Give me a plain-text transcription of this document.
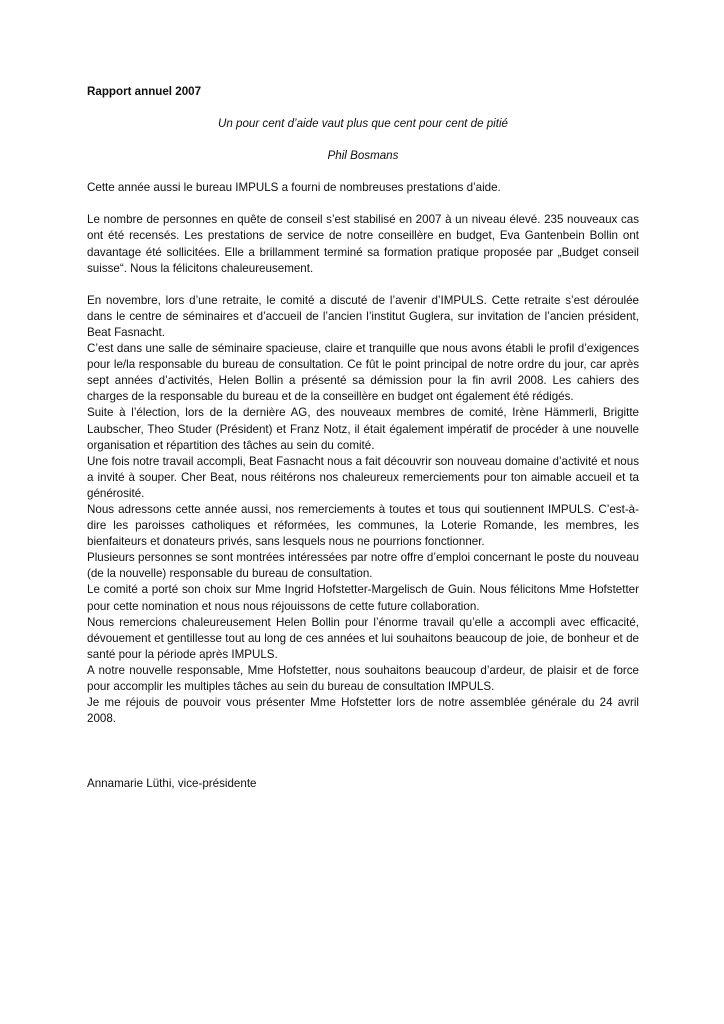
Rapport annuel 2007

Un pour cent d’aide vaut plus que cent pour cent de pitié

Phil Bosmans

Cette année aussi le bureau IMPULS a fourni de nombreuses prestations d’aide.

Le nombre de personnes en quête de conseil s’est stabilisé en 2007 à un niveau élevé. 235 nouveaux cas ont été recensés. Les prestations de service de notre conseillère en budget, Eva Gantenbein Bollin ont davantage été sollicitées. Elle a brillamment terminé sa formation pratique proposée par „Budget conseil suisse“. Nous la félicitons chaleureusement.

En novembre, lors d’une retraite, le comité a discuté de l’avenir d’IMPULS. Cette retraite s’est déroulée dans le centre de séminaires et d’accueil de l’ancien l’institut Guglera, sur invitation de l’ancien président, Beat Fasnacht.

C’est dans une salle de séminaire spacieuse, claire et tranquille que nous avons établi le profil d’exigences pour le/la responsable du bureau de consultation. Ce fût le point principal de notre ordre du jour, car après sept années d’activités, Helen Bollin a présenté sa démission pour la fin avril 2008. Les cahiers des charges de la responsable du bureau et de la conseillère en budget ont également été rédigés.

Suite à l’élection, lors de la dernière AG, des nouveaux membres de comité, Irène Hämmerli, Brigitte Laubscher, Theo Studer (Président) et Franz Notz, il était également impératif de procéder à une nouvelle organisation et répartition des tâches au sein du comité.

Une fois notre travail accompli, Beat Fasnacht nous a fait découvrir son nouveau domaine d’activité et nous a invité à souper. Cher Beat, nous réitérons nos chaleureux remerciements pour ton aimable accueil et ta générosité.

Nous adressons cette année aussi, nos remerciements à toutes et tous qui soutiennent IMPULS. C’est-à-dire les paroisses catholiques et réformées, les communes, la Loterie Romande, les membres, les bienfaiteurs et donateurs privés, sans lesquels nous ne pourrions fonctionner.

Plusieurs personnes se sont montrées intéressées par notre offre d’emploi concernant le poste du nouveau (de la nouvelle) responsable du bureau de consultation.

Le comité a porté son choix sur Mme Ingrid Hofstetter-Margelisch de Guin. Nous félicitons Mme Hofstetter pour cette nomination et nous nous réjouissons de cette future collaboration.

Nous remercions chaleureusement Helen Bollin pour l’énorme travail qu’elle a accompli avec efficacité, dévouement et gentillesse tout au long de ces années et lui souhaitons beaucoup de joie, de bonheur et de santé pour la période après IMPULS.

A notre nouvelle responsable, Mme Hofstetter, nous souhaitons beaucoup d’ardeur, de plaisir et de force pour accomplir les multiples tâches au sein du bureau de consultation IMPULS.

Je me réjouis de pouvoir vous présenter Mme Hofstetter lors de notre assemblée générale du 24 avril 2008.

Annamarie Lüthi, vice-présidente
